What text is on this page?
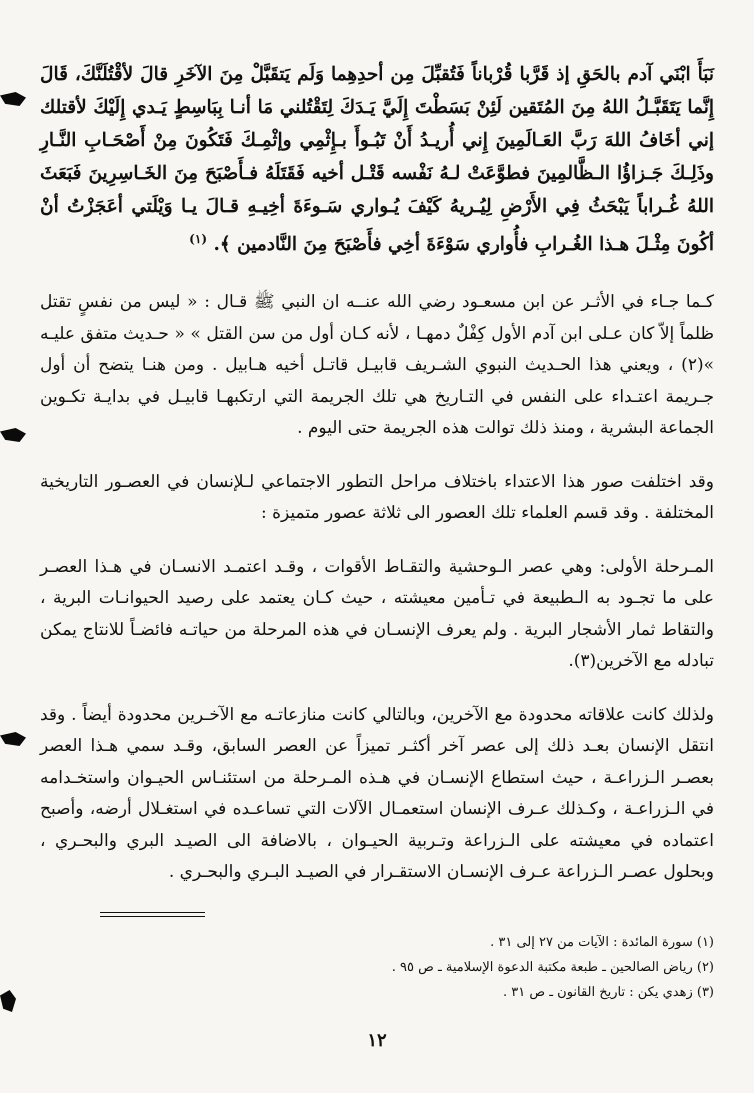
نَبَأَ ابْنَي آدم بالحَقِ إذ قَرَّبا قُرْباناً فَتُقبِّلَ مِن أحدِهِما وَلَم يَتقَبَّلْ مِنَ الآخَرِ قالَ لأقْتُلَنَّكَ، قَالَ إِنَّما يَتَقَبَّـلُ اللهُ مِنَ المُتَقين لَئِنْ بَسَطْتَ إِلَيَّ يَـدَكَ لِتَقْتُلني مَا أنـا بِبَاسِطٍ يَـدي إِلَيْكَ لأقتلك إني أخَافُ اللهَ رَبَّ العَـالَمِينَ إِني أُريـدُ أَنْ تَبُـوأَ بـإِثْمِي وإثْمِـكَ فَتَكُونَ مِنْ أَصْحَـابِ النَّـارِ وذَلِـكَ جَـزاؤُا الـظَّالمِينَ فطوَّعَتْ لـهُ نَفْسه قَتْـل أخيه فَقَتَلَهُ فـأَصْبَحَ مِنَ الخَـاسِرِينَ فَبَعَثَ اللهُ غُـراباً يَبْحَثُ فِي الأَرْضِ لِيُـريهُ كَيْفَ يُـواري سَـوءَةَ أخِيـهِ قـالَ يـا وَيْلَتي أعَجَزْتُ أنْ أكُونَ مِثْـلَ هـذا الغُـرابِ فأُواري سَوْءَةَ أخِي فأَصْبَحَ مِنَ النَّادمين ﴾. $^{(١)}$

كـما جـاء في الأثـر عن ابن مسعـود رضي الله عنــه ان النبي ﷺ قـال : « ليس من نفسٍ تقتل ظلماً إلاّ كان عـلى ابن آدم الأول كِفْلٌ دمهـا ، لأنه كـان أول من سن القتل » « حـديث متفق عليـه »(٢) ، ويعني هذا الحـديث النبوي الشـريف قابيـل قاتـل أخيه هـابيل . ومن هنـا يتضح أن أول جـريمة اعتـداء على النفس في التـاريخ هي تلك الجريمة التي ارتكبهـا قابيـل في بدايـة تكـوين الجماعة البشرية ، ومنذ ذلك توالت هذه الجريمة حتى اليوم .

وقد اختلفت صور هذا الاعتداء باختلاف مراحل التطور الاجتماعي لـلإنسان في العصـور التاريخية المختلفة . وقد قسم العلماء تلك العصور الى ثلاثة عصور متميزة :

المـرحلة الأولى: وهي عصر الـوحشية والتقـاط الأقوات ، وقـد اعتمـد الانسـان في هـذا العصـر على ما تجـود به الـطبيعة في تـأمين معيشته ، حيث كـان يعتمد على رصيد الحيوانـات البرية ، والتقاط ثمار الأشجار البرية . ولم يعرف الإنسـان في هذه المرحلة من حياتـه فائضـاً للانتاج يمكن تبادله مع الآخرين(٣).

ولذلك كانت علاقاته محدودة مع الآخرين، وبالتالي كانت منازعاتـه مع الآخـرين محدودة أيضاً . وقد انتقل الإنسان بعـد ذلك إلى عصر آخر أكثـر تميزاً عن العصر السابق، وقـد سمي هـذا العصر بعصـر الـزراعـة ، حيث استطاع الإنسـان في هـذه المـرحلة من استئنـاس الحيـوان واستخـدامه في الـزراعـة ، وكـذلك عـرف الإنسان استعمـال الآلات التي تساعـده في استغـلال أرضه، وأصبح اعتماده في معيشته على الـزراعة وتـربية الحيـوان ، بالاضافة الى الصيـد البري والبحـري ، وبحلول عصـر الـزراعة عـرف الإنسـان الاستقـرار في الصيـد البـري والبحـري .

(١) سورة المائدة : الآيات من ٢٧ إلى ٣١ .
(٢) رياض الصالحين ـ طبعة مكتبة الدعوة الإسلامية ـ ص ٩٥ .
(٣) زهدي يكن : تاريخ القانون ـ ص ٣١ .
١٢
